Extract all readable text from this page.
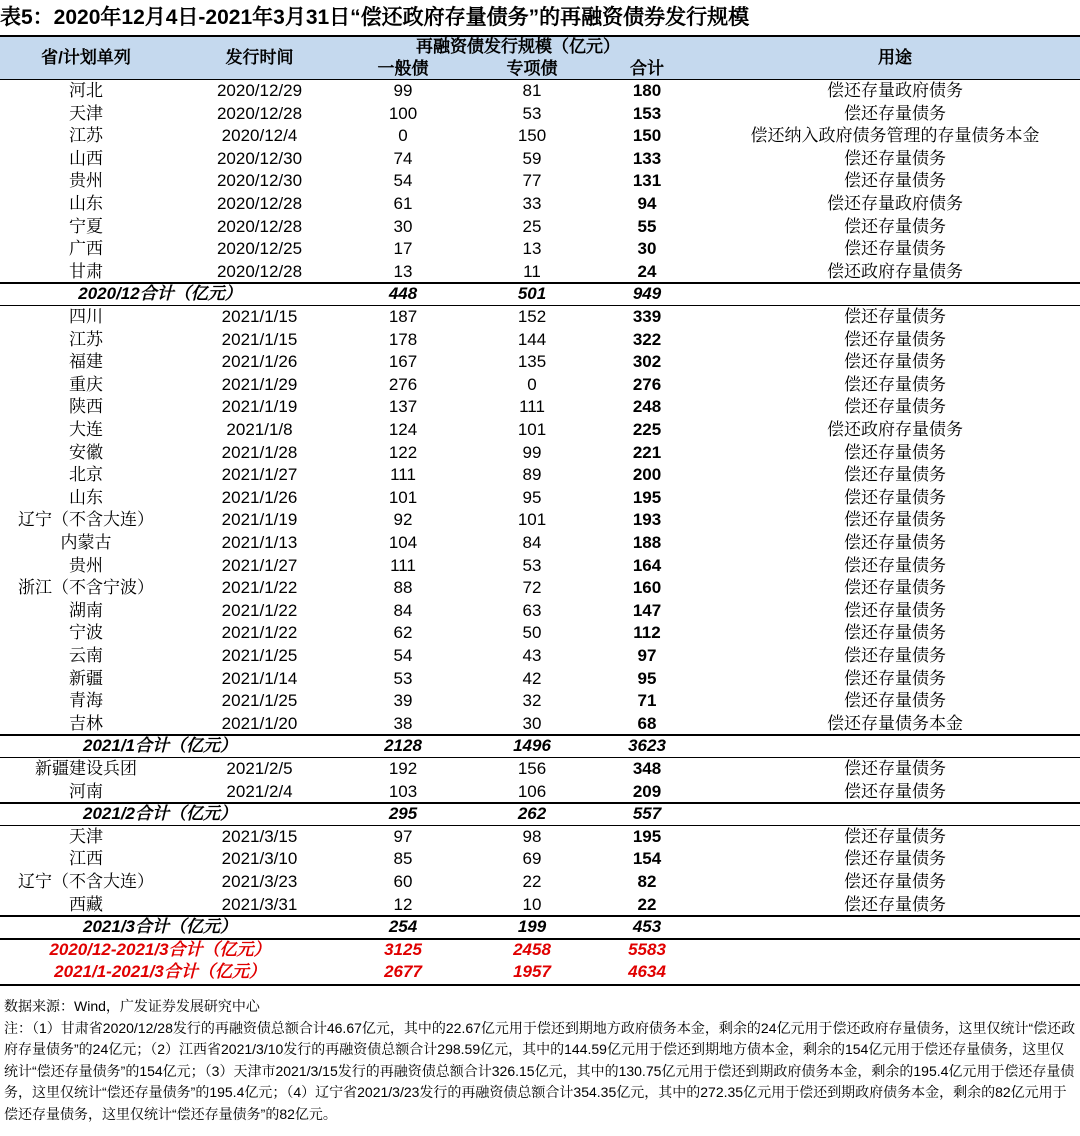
表5：2020年12月4日-2021年3月31日“偿还政府存量债务”的再融资债券发行规模
省/计划单列	发行时间
再融资债发行规模（亿元）
一般债	专项债	合计
用途
河北	2020/12/29	99	81	180	偿还存量政府债务
天津	2020/12/28	100	53	153	偿还存量债务
江苏	2020/12/4	0	150	150	偿还纳入政府债务管理的存量债务本金
山西	2020/12/30	74	59	133	偿还存量债务
贵州	2020/12/30	54	77	131	偿还存量债务
山东	2020/12/28	61	33	94	偿还存量政府债务
宁夏	2020/12/28	30	25	55	偿还存量债务
广西	2020/12/25	17	13	30	偿还存量债务
甘肃	2020/12/28	13	11	24	偿还政府存量债务
2020/12合计（亿元）	448	501	949
四川	2021/1/15	187	152	339	偿还存量债务
江苏	2021/1/15	178	144	322	偿还存量债务
福建	2021/1/26	167	135	302	偿还存量债务
重庆	2021/1/29	276	0	276	偿还存量债务
陕西	2021/1/19	137	111	248	偿还存量债务
大连	2021/1/8	124	101	225	偿还政府存量债务
安徽	2021/1/28	122	99	221	偿还存量债务
北京	2021/1/27	111	89	200	偿还存量债务
山东	2021/1/26	101	95	195	偿还存量债务
辽宁（不含大连）	2021/1/19	92	101	193	偿还存量债务
内蒙古	2021/1/13	104	84	188	偿还存量债务
贵州	2021/1/27	111	53	164	偿还存量债务
浙江（不含宁波）	2021/1/22	88	72	160	偿还存量债务
湖南	2021/1/22	84	63	147	偿还存量债务
宁波	2021/1/22	62	50	112	偿还存量债务
云南	2021/1/25	54	43	97	偿还存量债务
新疆	2021/1/14	53	42	95	偿还存量债务
青海	2021/1/25	39	32	71	偿还存量债务
吉林	2021/1/20	38	30	68	偿还存量债务本金
2021/1合计（亿元）	2128	1496	3623
新疆建设兵团	2021/2/5	192	156	348	偿还存量债务
河南	2021/2/4	103	106	209	偿还存量债务
2021/2合计（亿元）	295	262	557
天津	2021/3/15	97	98	195	偿还存量债务
江西	2021/3/10	85	69	154	偿还存量债务
辽宁（不含大连）	2021/3/23	60	22	82	偿还存量债务
西藏	2021/3/31	12	10	22	偿还存量债务
2021/3合计（亿元）	254	199	453
2020/12-2021/3合计（亿元）	3125	2458	5583
2021/1-2021/3合计（亿元）	2677	1957	4634

数据来源：Wind，广发证券发展研究中心

注：（1）甘肃省2020/12/28发行的再融资债总额合计46.67亿元，其中的22.67亿元用于偿还到期地方政府债务本金，剩余的24亿元用于偿还政府存量债务，这里仅统计“偿还政府存量债务”的24亿元；（2）江西省2021/3/10发行的再融资债总额合计298.59亿元，其中的144.59亿元用于偿还到期地方债本金，剩余的154亿元用于偿还存量债务，这里仅统计“偿还存量债务”的154亿元；（3）天津市2021/3/15发行的再融资债总额合计326.15亿元，其中的130.75亿元用于偿还到期政府债务本金，剩余的195.4亿元用于偿还存量债务，这里仅统计“偿还存量债务”的195.4亿元；（4）辽宁省2021/3/23发行的再融资债总额合计354.35亿元，其中的272.35亿元用于偿还到期政府债务本金，剩余的82亿元用于偿还存量债务，这里仅统计“偿还存量债务”的82亿元。
